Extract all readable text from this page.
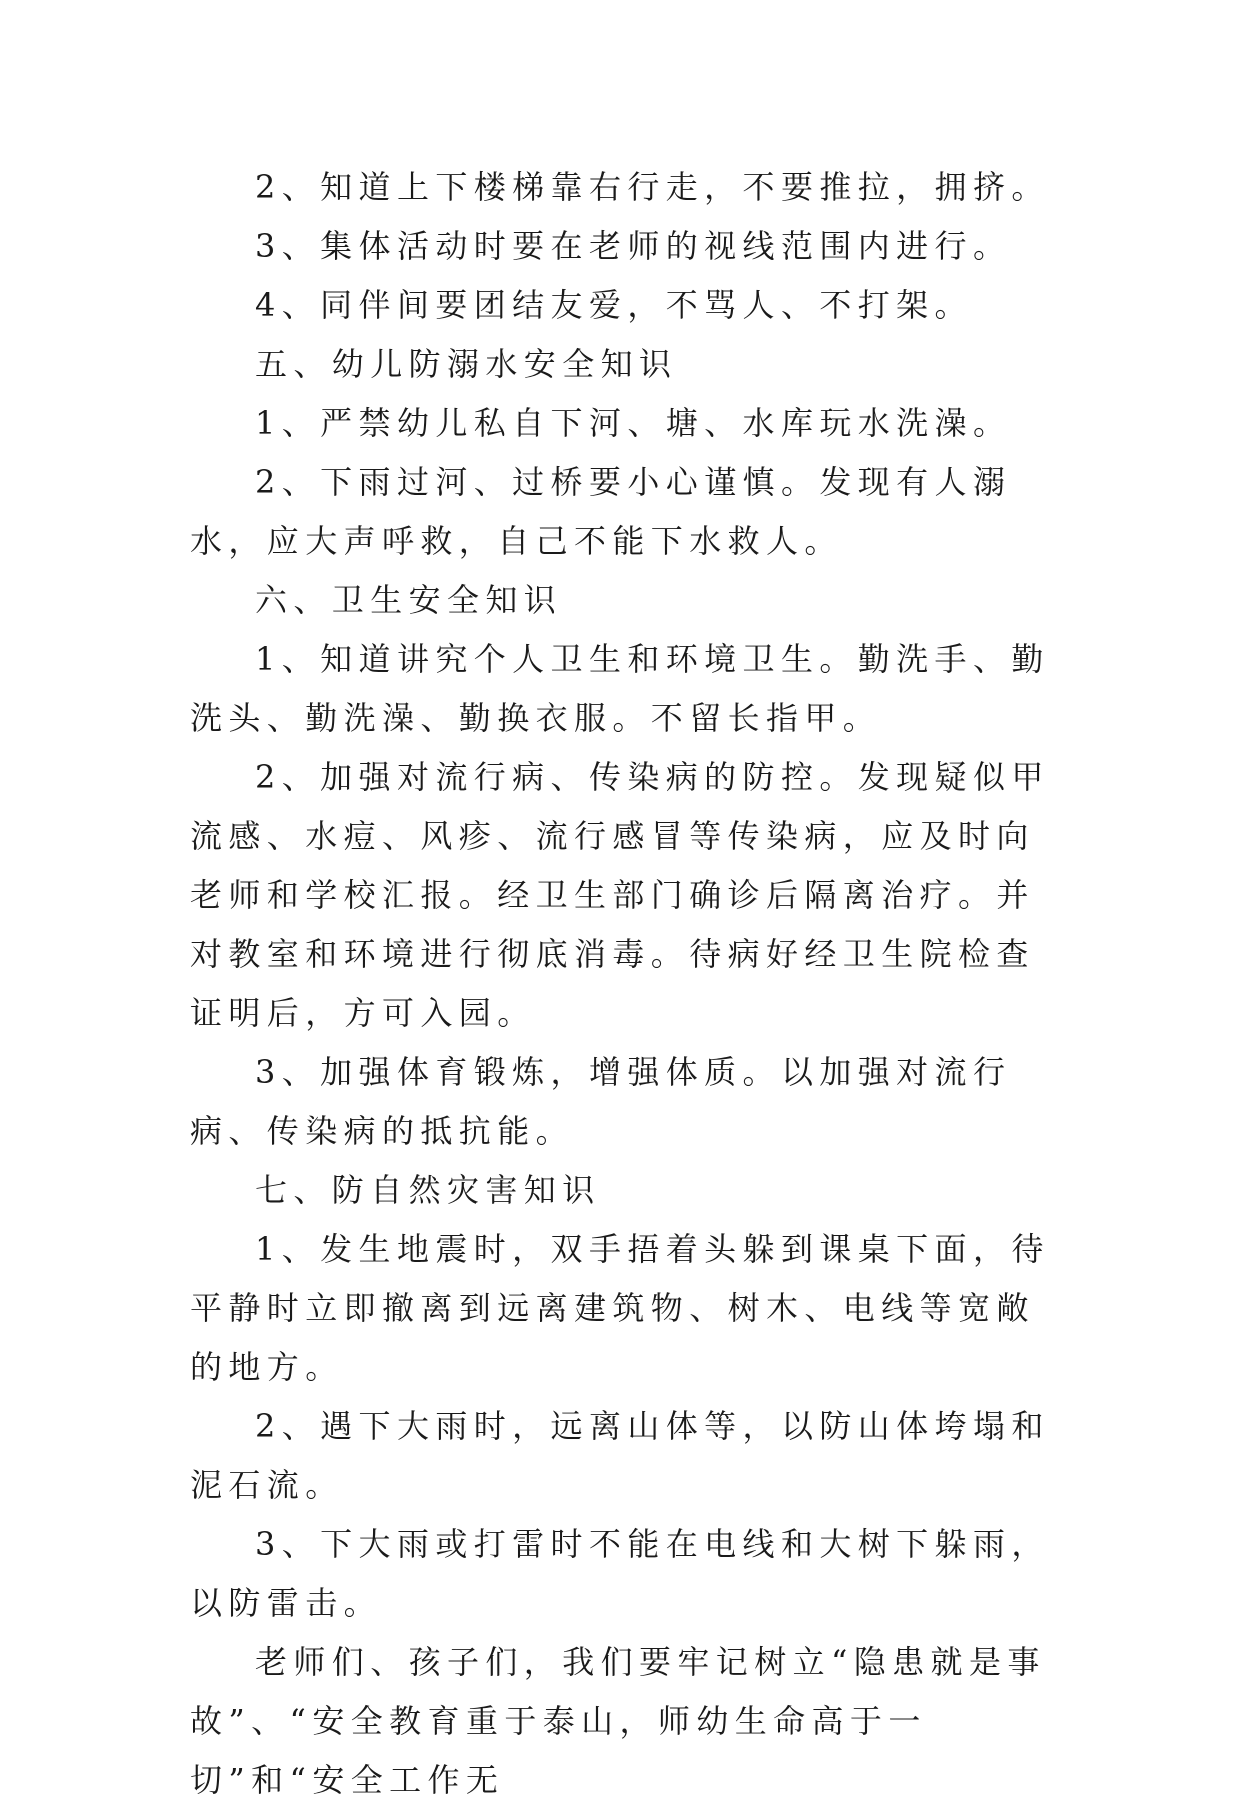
2、知道上下楼梯靠右行走，不要推拉，拥挤。

3、集体活动时要在老师的视线范围内进行。

4、同伴间要团结友爱，不骂人、不打架。

五、幼儿防溺水安全知识

1、严禁幼儿私自下河、塘、水库玩水洗澡。

2、下雨过河、过桥要小心谨慎。发现有人溺水，应大声呼救，自己不能下水救人。

六、卫生安全知识

1、知道讲究个人卫生和环境卫生。勤洗手、勤洗头、勤洗澡、勤换衣服。不留长指甲。

2、加强对流行病、传染病的防控。发现疑似甲流感、水痘、风疹、流行感冒等传染病，应及时向老师和学校汇报。经卫生部门确诊后隔离治疗。并对教室和环境进行彻底消毒。待病好经卫生院检查证明后，方可入园。

3、加强体育锻炼，增强体质。以加强对流行病、传染病的抵抗能。

七、防自然灾害知识

1、发生地震时，双手捂着头躲到课桌下面，待平静时立即撤离到远离建筑物、树木、电线等宽敞的地方。

2、遇下大雨时，远离山体等，以防山体垮塌和泥石流。

3、下大雨或打雷时不能在电线和大树下躲雨，以防雷击。

老师们、孩子们，我们要牢记树立“隐患就是事故”、“安全教育重于泰山，师幼生命高于一切”和“安全工作无
